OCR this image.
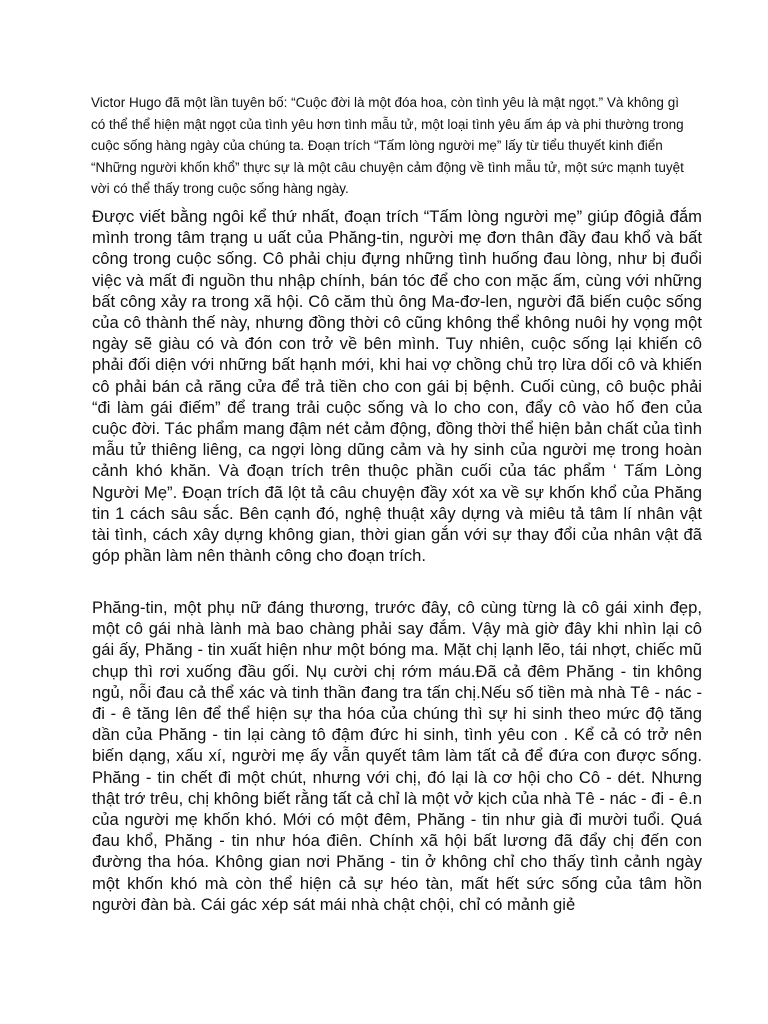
Victor Hugo đã một lần tuyên bố: “Cuộc đời là một đóa hoa, còn tình yêu là mật ngọt.” Và không gì có thể thể hiện mật ngọt của tình yêu hơn tình mẫu tử, một loại tình yêu ấm áp và phi thường trong cuộc sống hàng ngày của chúng ta. Đoạn trích “Tấm lòng người mẹ” lấy từ tiểu thuyết kinh điển “Những người khốn khổ” thực sự là một câu chuyện cảm động về tình mẫu tử, một sức mạnh tuyệt vời có thể thấy trong cuộc sống hàng ngày.

Được viết bằng ngôi kể thứ nhất, đoạn trích “Tấm lòng người mẹ” giúp đôgiả đắm mình trong tâm trạng u uất của Phăng-tin, người mẹ đơn thân đầy đau khổ và bất công trong cuộc sống. Cô phải chịu đựng những tình huống đau lòng, như bị đuổi việc và mất đi nguồn thu nhập chính, bán tóc để cho con mặc ấm, cùng với những bất công xảy ra trong xã hội. Cô căm thù ông Ma-đơ-len, người đã biến cuộc sống của cô thành thế này, nhưng đồng thời cô cũng không thể không nuôi hy vọng một ngày sẽ giàu có và đón con trở về bên mình. Tuy nhiên, cuộc sống lại khiến cô phải đối diện với những bất hạnh mới, khi hai vợ chồng chủ trọ lừa dối cô và khiến cô phải bán cả răng cửa để trả tiền cho con gái bị bệnh. Cuối cùng, cô buộc phải “đi làm gái điếm” để trang trải cuộc sống và lo cho con, đẩy cô vào hố đen của cuộc đời. Tác phẩm mang đậm nét cảm động, đồng thời thể hiện bản chất của tình mẫu tử thiêng liêng, ca ngợi lòng dũng cảm và hy sinh của người mẹ trong hoàn cảnh khó khăn. Và đoạn trích trên thuộc phần cuối của tác phẩm ‘ Tấm Lòng Người Mẹ”. Đoạn trích đã lột tả câu chuyện đầy xót xa về sự khốn khổ của Phăng tin 1 cách sâu sắc. Bên cạnh đó, nghệ thuật xây dựng và miêu tả tâm lí nhân vật tài tình, cách xây dựng không gian, thời gian gắn với sự thay đổi của nhân vật đã góp phần làm nên thành công cho đoạn trích.

Phăng-tin, một phụ nữ đáng thương, trước đây, cô cùng từng là cô gái xinh đẹp, một cô gái nhà lành mà bao chàng phải say đắm. Vậy mà giờ đây khi nhìn lại cô gái ấy, Phăng - tin xuất hiện như một bóng ma. Mặt chị lạnh lẽo, tái nhợt, chiếc mũ chụp thì rơi xuống đầu gối. Nụ cười chị rớm máu.Đã cả đêm Phăng - tin không ngủ, nỗi đau cả thể xác và tinh thần đang tra tấn chị.Nếu số tiền mà nhà Tê - nác - đi - ê tăng lên để thể hiện sự tha hóa của chúng thì sự hi sinh theo mức độ tăng dần của Phăng - tin lại càng tô đậm đức hi sinh, tình yêu con . Kể cả có trở nên biến dạng, xấu xí, người mẹ ấy vẫn quyết tâm làm tất cả để đứa con được sống. Phăng - tin chết đi một chút, nhưng với chị, đó lại là cơ hội cho Cô - dét. Nhưng thật trớ trêu, chị không biết rằng tất cả chỉ là một vở kịch của nhà Tê - nác - đi - ê.n của người mẹ khốn khó. Mới có một đêm, Phăng - tin như già đi mười tuổi. Quá đau khổ, Phăng - tin như hóa điên. Chính xã hội bất lương đã đẩy chị đến con đường tha hóa. Không gian nơi Phăng - tin ở không chỉ cho thấy tình cảnh ngày một khốn khó mà còn thể hiện cả sự héo tàn, mất hết sức sống của tâm hồn người đàn bà. Cái gác xép sát mái nhà chật chội, chỉ có mảnh giẻ
